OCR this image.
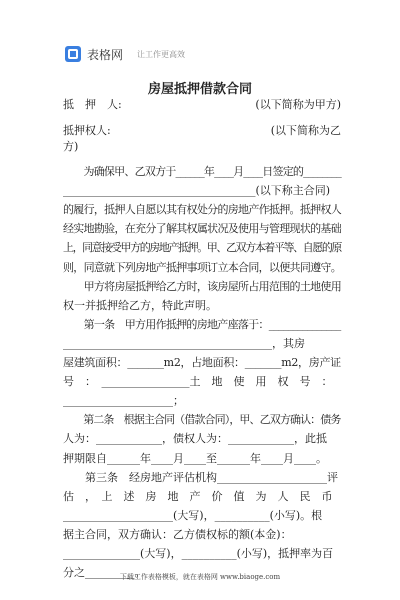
表格网 让工作更高效
房屋抵押借款合同
抵　押　人:	(以下简称为甲方)
抵押权人:	(以下简称为乙
方)
　　为确保甲、乙双方于______年____月____日签定的________
___________________________________(以下称主合同)
的履行，抵押人自愿以其有权处分的房地产作抵押。抵押权人
经实地勘验，在充分了解其权属状况及使用与管理现状的基础
上，同意接受甲方的房地产抵押。甲、乙双方本着平等、自愿的原
则，同意就下列房地产抵押事项订立本合同，以便共同遵守。
　　甲方将房屋抵押给乙方时，该房屋所占用范围的土地使用
权一并抵押给乙方，特此声明。
　　第一条　甲方用作抵押的房地产座落于：_______________
______________________________________，其房
屋建筑面积：_______m2，占地面积：_______m2，房产证
号　：　________________土　地　使　用　权　号　：
____________________；
　　第二条　根据主合同（借款合同），甲、乙双方确认：债务
人为：____________，债权人为：____________，此抵
押期限自______年____月____至______年____月____。
　　第三条　经房地产评估机构____________________评
估　，　上　述　房　地　产　价　值　为　人　民　币
____________________(大写)，__________(小写)。根
据主合同，双方确认：乙方债权标的额(本金)：
______________(大写)，__________(小写)，抵押率为百
分之_________。
下载工作表格模板，就在表格网 www.biaoge.com
